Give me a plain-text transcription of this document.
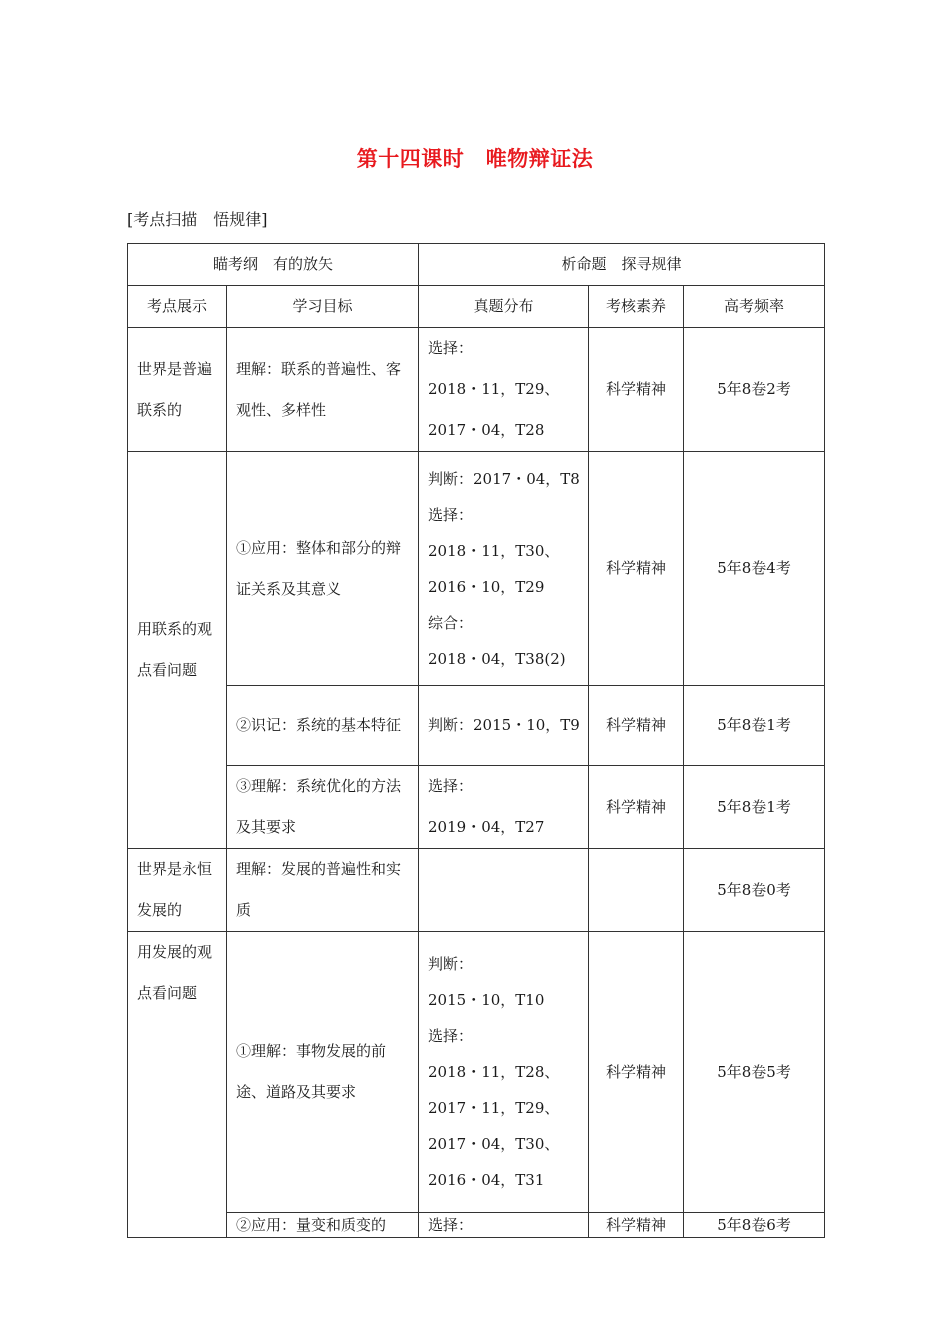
第十四课时　唯物辩证法
[考点扫描　悟规律]
瞄考纲　有的放矢		析命题　探寻规律		
考点展示	学习目标	真题分布	考核素养	高考频率
世界是普遍联系的	理解：联系的普遍性、客观性、多样性	选择：
2018・11，T29、2017・04，T28	科学精神	5年8卷2考
用联系的观点看问题	①应用：整体和部分的辩证关系及其意义	判断：2017・04，T8
选择：
2018・11，T30、2016・10，T29
综合：
2018・04，T38(2)	科学精神	5年8卷4考
	②识记：系统的基本特征	判断：2015・10，T9	科学精神	5年8卷1考
	③理解：系统优化的方法及其要求	选择：
2019・04，T27	科学精神	5年8卷1考
世界是永恒发展的	理解：发展的普遍性和实质			5年8卷0考
用发展的观点看问题	①理解：事物发展的前途、道路及其要求	判断：
2015・10，T10
选择：
2018・11，T28、2017・11，T29、2017・04，T30、2016・04，T31	科学精神	5年8卷5考
	②应用：量变和质变的	选择：	科学精神	5年8卷6考
